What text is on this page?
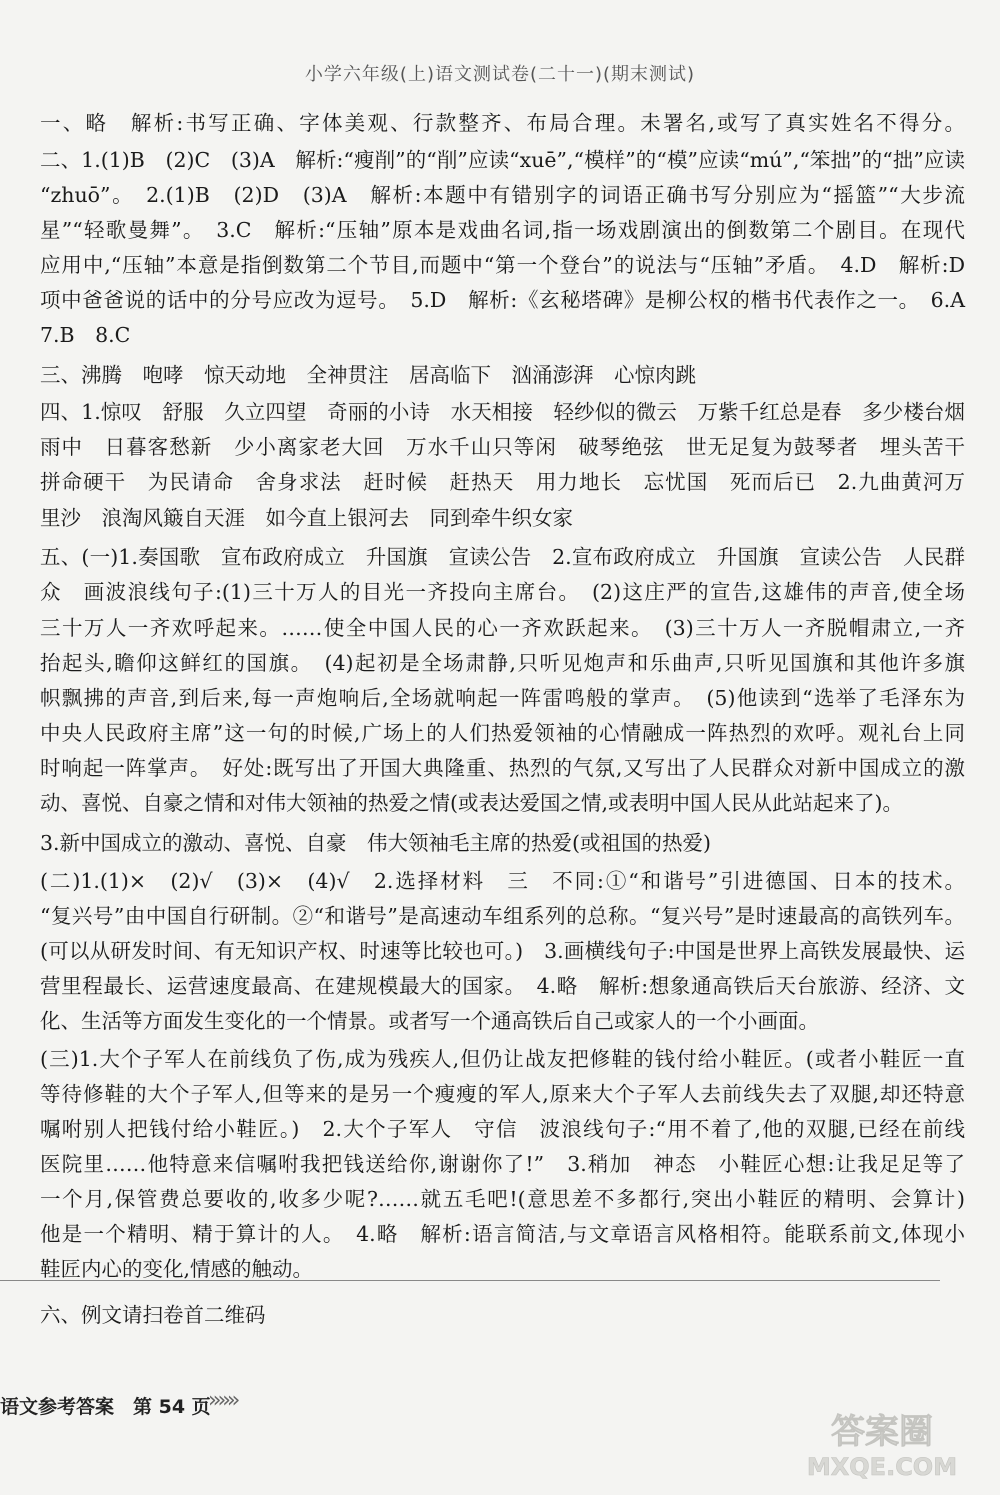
小学六年级(上)语文测试卷(二十一)(期末测试)
一、略　解析:书写正确、字体美观、行款整齐、布局合理。未署名,或写了真实姓名不得分。
二、1.(1)B　(2)C　(3)A　解析:“瘦削”的“削”应读“xuē”,“模样”的“模”应读“mú”,“笨拙”的“拙”应读
“zhuō”。　2.(1)B　(2)D　(3)A　解析:本题中有错别字的词语正确书写分别应为“摇篮”“大步流
星”“轻歌曼舞”。　3.C　解析:“压轴”原本是戏曲名词,指一场戏剧演出的倒数第二个剧目。在现代
应用中,“压轴”本意是指倒数第二个节目,而题中“第一个登台”的说法与“压轴”矛盾。　4.D　解析:D
项中爸爸说的话中的分号应改为逗号。　5.D　解析:《玄秘塔碑》是柳公权的楷书代表作之一。　6.A
7.B　8.C
三、沸腾　咆哮　惊天动地　全神贯注　居高临下　汹涌澎湃　心惊肉跳
四、1.惊叹　舒服　久立四望　奇丽的小诗　水天相接　轻纱似的微云　万紫千红总是春　多少楼台烟
雨中　日暮客愁新　少小离家老大回　万水千山只等闲　破琴绝弦　世无足复为鼓琴者　埋头苦干
拼命硬干　为民请命　舍身求法　赶时候　赶热天　用力地长　忘忧国　死而后已　2.九曲黄河万
里沙　浪淘风簸自天涯　如今直上银河去　同到牵牛织女家
五、(一)1.奏国歌　宣布政府成立　升国旗　宣读公告　2.宣布政府成立　升国旗　宣读公告　人民群
众　画波浪线句子:(1)三十万人的目光一齐投向主席台。　(2)这庄严的宣告,这雄伟的声音,使全场
三十万人一齐欢呼起来。……使全中国人民的心一齐欢跃起来。　(3)三十万人一齐脱帽肃立,一齐
抬起头,瞻仰这鲜红的国旗。　(4)起初是全场肃静,只听见炮声和乐曲声,只听见国旗和其他许多旗
帜飘拂的声音,到后来,每一声炮响后,全场就响起一阵雷鸣般的掌声。　(5)他读到“选举了毛泽东为
中央人民政府主席”这一句的时候,广场上的人们热爱领袖的心情融成一阵热烈的欢呼。观礼台上同
时响起一阵掌声。　好处:既写出了开国大典隆重、热烈的气氛,又写出了人民群众对新中国成立的激
动、喜悦、自豪之情和对伟大领袖的热爱之情(或表达爱国之情,或表明中国人民从此站起来了)。
3.新中国成立的激动、喜悦、自豪　伟大领袖毛主席的热爱(或祖国的热爱)
(二)1.(1)×　(2)√　(3)×　(4)√　2.选择材料　三　不同:①“和谐号”引进德国、日本的技术。
“复兴号”由中国自行研制。②“和谐号”是高速动车组系列的总称。“复兴号”是时速最高的高铁列车。
(可以从研发时间、有无知识产权、时速等比较也可。)　3.画横线句子:中国是世界上高铁发展最快、运
营里程最长、运营速度最高、在建规模最大的国家。　4.略　解析:想象通高铁后天台旅游、经济、文
化、生活等方面发生变化的一个情景。或者写一个通高铁后自己或家人的一个小画面。
(三)1.大个子军人在前线负了伤,成为残疾人,但仍让战友把修鞋的钱付给小鞋匠。(或者小鞋匠一直
等待修鞋的大个子军人,但等来的是另一个瘦瘦的军人,原来大个子军人去前线失去了双腿,却还特意
嘱咐别人把钱付给小鞋匠。)　2.大个子军人　守信　波浪线句子:“用不着了,他的双腿,已经在前线
医院里……他特意来信嘱咐我把钱送给你,谢谢你了!”　3.稍加　神态　小鞋匠心想:让我足足等了
一个月,保管费总要收的,收多少呢?……就五毛吧!(意思差不多都行,突出小鞋匠的精明、会算计)
他是一个精明、精于算计的人。　4.略　解析:语言简洁,与文章语言风格相符。能联系前文,体现小
鞋匠内心的变化,情感的触动。
六、例文请扫卷首二维码
语文参考答案　第 54 页
»»»
答案圈
MXQE.COM
